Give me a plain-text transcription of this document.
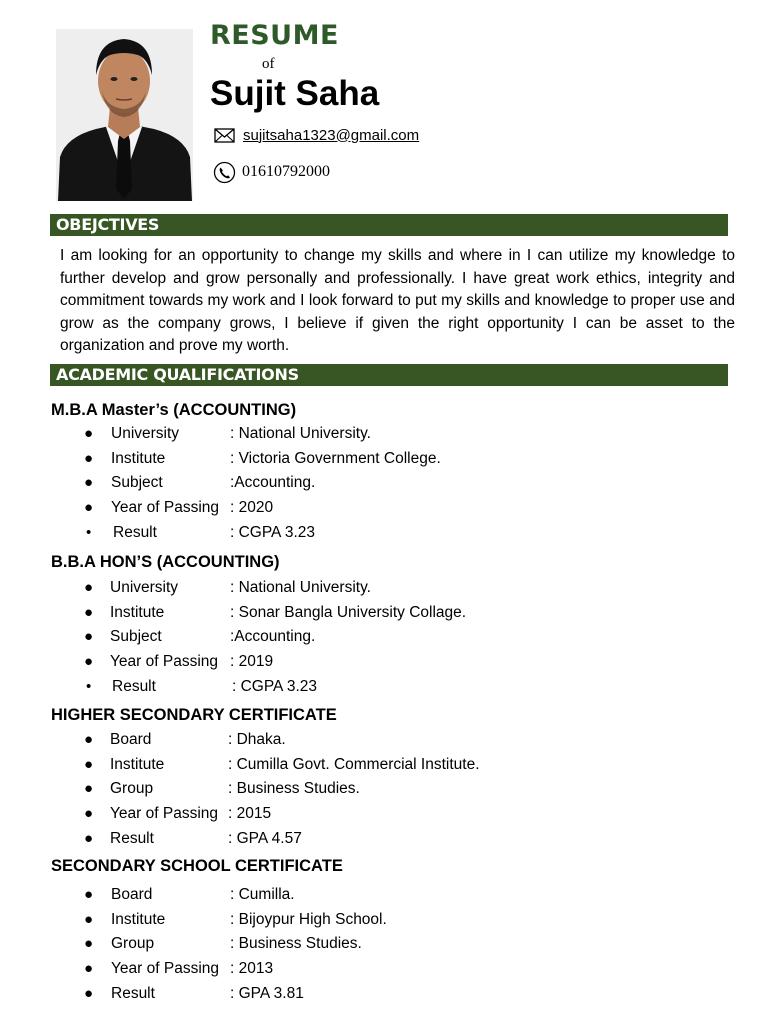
RESUME
of
Sujit Saha
sujitsaha1323@gmail.com
01610792000
OBEJCTIVES

I am looking for an opportunity to change my skills and where in I can utilize my knowledge to further develop and grow personally and professionally. I have great work ethics, integrity and commitment towards my work and I look forward to put my skills and knowledge to proper use and grow as the company grows, I believe if given the right opportunity I can be asset to the organization and prove my worth.

ACADEMIC QUALIFICATIONS
M.B.A Master’s (ACCOUNTING)
● University	: National University.
● Institute	: Victoria Government College.
● Subject	:Accounting.
● Year of Passing : 2020
• Result	: CGPA 3.23
B.B.A HON’S (ACCOUNTING)
● University	: National University.
● Institute	: Sonar Bangla University Collage.
● Subject	:Accounting.
● Year of Passing : 2019
• Result	: CGPA 3.23
HIGHER SECONDARY CERTIFICATE
● Board	: Dhaka.
● Institute	: Cumilla Govt. Commercial Institute.
● Group	: Business Studies.
● Year of Passing : 2015
● Result	: GPA 4.57
SECONDARY SCHOOL CERTIFICATE
● Board	: Cumilla.
● Institute	: Bijoypur High School.
● Group	: Business Studies.
● Year of Passing : 2013
● Result	: GPA 3.81
